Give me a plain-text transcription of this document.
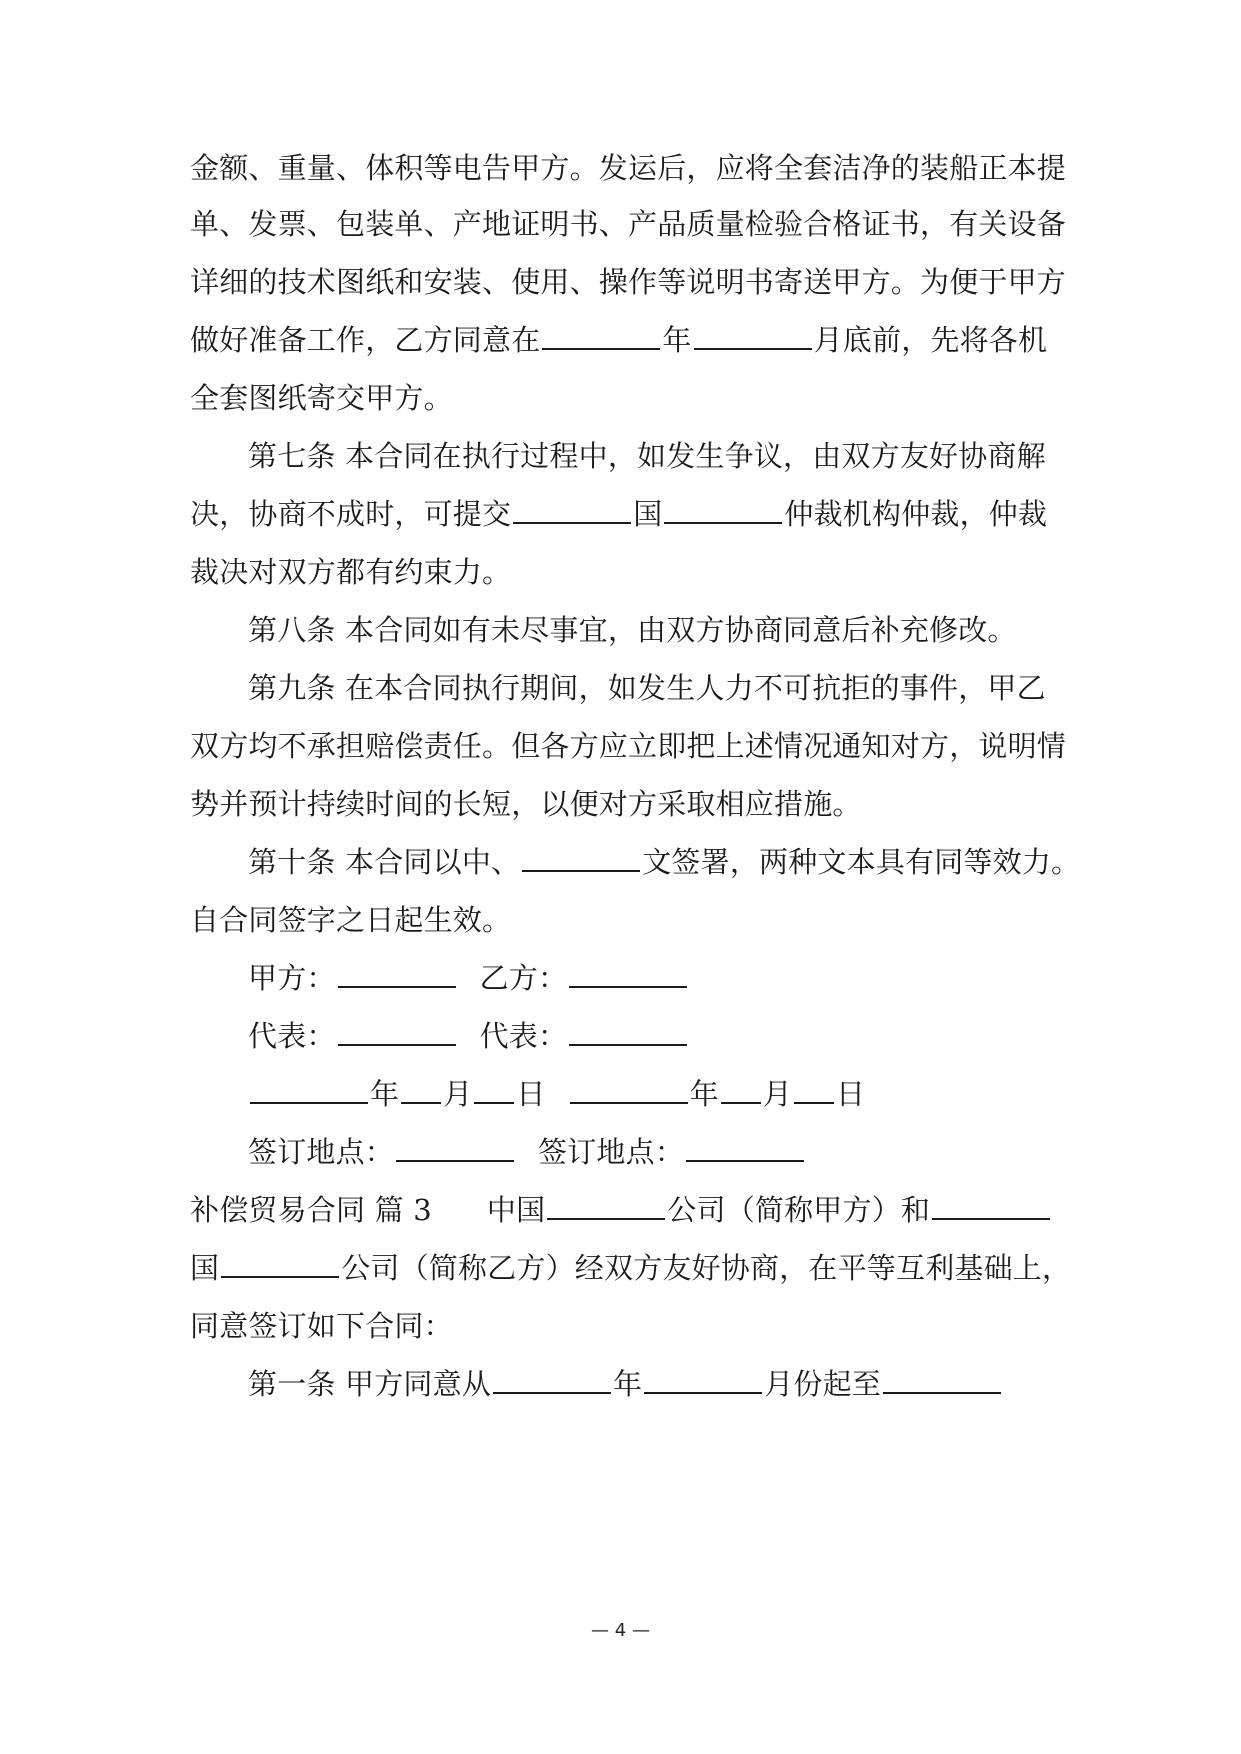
金额、重量、体积等电告甲方。发运后，应将全套洁净的装船正本提
单、发票、包装单、产地证明书、产品质量检验合格证书，有关设备
详细的技术图纸和安装、使用、操作等说明书寄送甲方。为便于甲方
做好准备工作，乙方同意在	年	月底前，先将各机
全套图纸寄交甲方。
第七条 本合同在执行过程中，如发生争议，由双方友好协商解
决，协商不成时，可提交	国	仲裁机构仲裁，仲裁
裁决对双方都有约束力。
第八条 本合同如有未尽事宜，由双方协商同意后补充修改。
第九条 在本合同执行期间，如发生人力不可抗拒的事件，甲乙
双方均不承担赔偿责任。但各方应立即把上述情况通知对方，说明情
势并预计持续时间的长短，以便对方采取相应措施。
第十条 本合同以中、	文签署，两种文本具有同等效力。
自合同签字之日起生效。
甲方：	乙方：
代表：	代表：
年 月 日	年 月 日
签订地点：	签订地点：
补偿贸易合同 篇 3 中国	公司（简称甲方）和
国	公司（简称乙方）经双方友好协商，在平等互利基础上，
同意签订如下合同：
第一条 甲方同意从	年	月份起至
— 4 —
